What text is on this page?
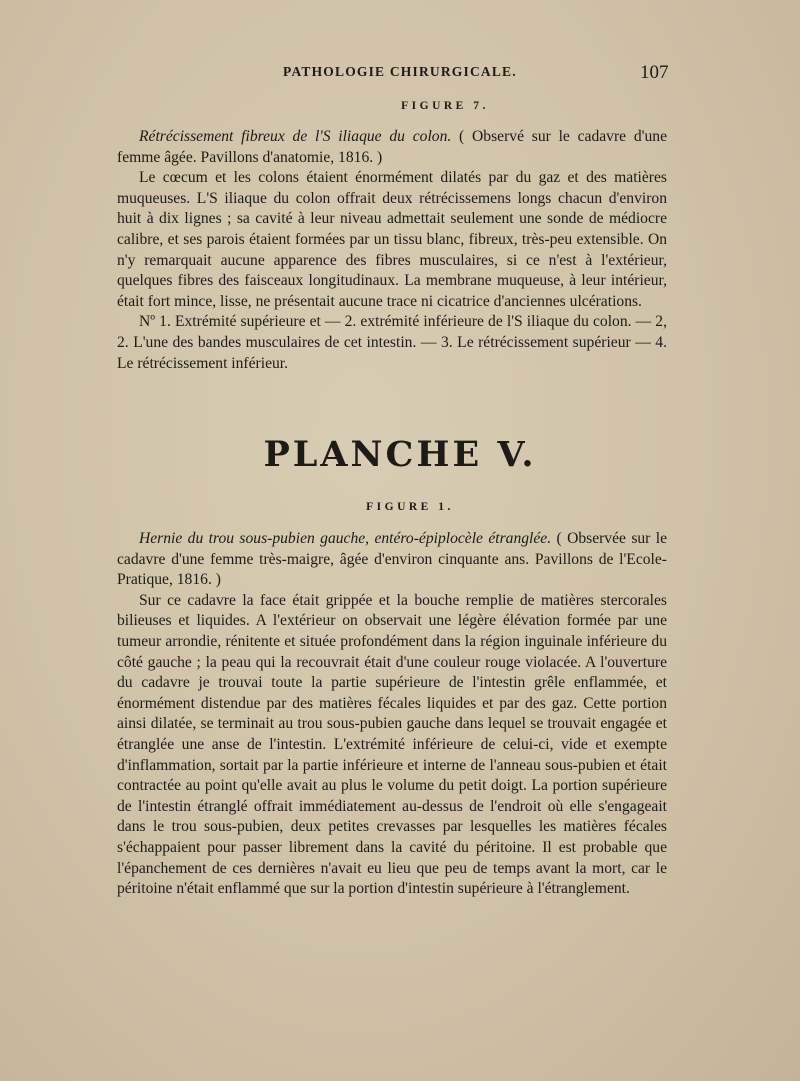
PATHOLOGIE CHIRURGICALE.	107
FIGURE 7.

Rétrécissement fibreux de l'S iliaque du colon. ( Observé sur le cadavre d'une femme âgée. Pavillons d'anatomie, 1816. )

Le cœcum et les colons étaient énormément dilatés par du gaz et des matières muqueuses. L'S iliaque du colon offrait deux rétrécissemens longs chacun d'environ huit à dix lignes ; sa cavité à leur niveau admettait seulement une sonde de médiocre calibre, et ses parois étaient formées par un tissu blanc, fibreux, très-peu extensible. On n'y remarquait aucune apparence des fibres musculaires, si ce n'est à l'extérieur, quelques fibres des faisceaux longitudinaux. La membrane muqueuse, à leur intérieur, était fort mince, lisse, ne présentait aucune trace ni cicatrice d'anciennes ulcérations.

Nº 1. Extrémité supérieure et — 2. extrémité inférieure de l'S iliaque du colon. — 2, 2. L'une des bandes musculaires de cet intestin. — 3. Le rétrécissement supérieur — 4. Le rétrécissement inférieur.

PLANCHE V.
FIGURE 1.

Hernie du trou sous-pubien gauche, entéro-épiplocèle étranglée. ( Observée sur le cadavre d'une femme très-maigre, âgée d'environ cinquante ans. Pavillons de l'Ecole-Pratique, 1816. )

Sur ce cadavre la face était grippée et la bouche remplie de matières stercorales bilieuses et liquides. A l'extérieur on observait une légère élévation formée par une tumeur arrondie, rénitente et située profondément dans la région inguinale inférieure du côté gauche ; la peau qui la recouvrait était d'une couleur rouge violacée. A l'ouverture du cadavre je trouvai toute la partie supérieure de l'intestin grêle enflammée, et énormément distendue par des matières fécales liquides et par des gaz. Cette portion ainsi dilatée, se terminait au trou sous-pubien gauche dans lequel se trouvait engagée et étranglée une anse de l'intestin. L'extrémité inférieure de celui-ci, vide et exempte d'inflammation, sortait par la partie inférieure et interne de l'anneau sous-pubien et était contractée au point qu'elle avait au plus le volume du petit doigt. La portion supérieure de l'intestin étranglé offrait immédiatement au-dessus de l'endroit où elle s'engageait dans le trou sous-pubien, deux petites crevasses par lesquelles les matières fécales s'échappaient pour passer librement dans la cavité du péritoine. Il est probable que l'épanchement de ces dernières n'avait eu lieu que peu de temps avant la mort, car le péritoine n'était enflammé que sur la portion d'intestin supérieure à l'étranglement.
